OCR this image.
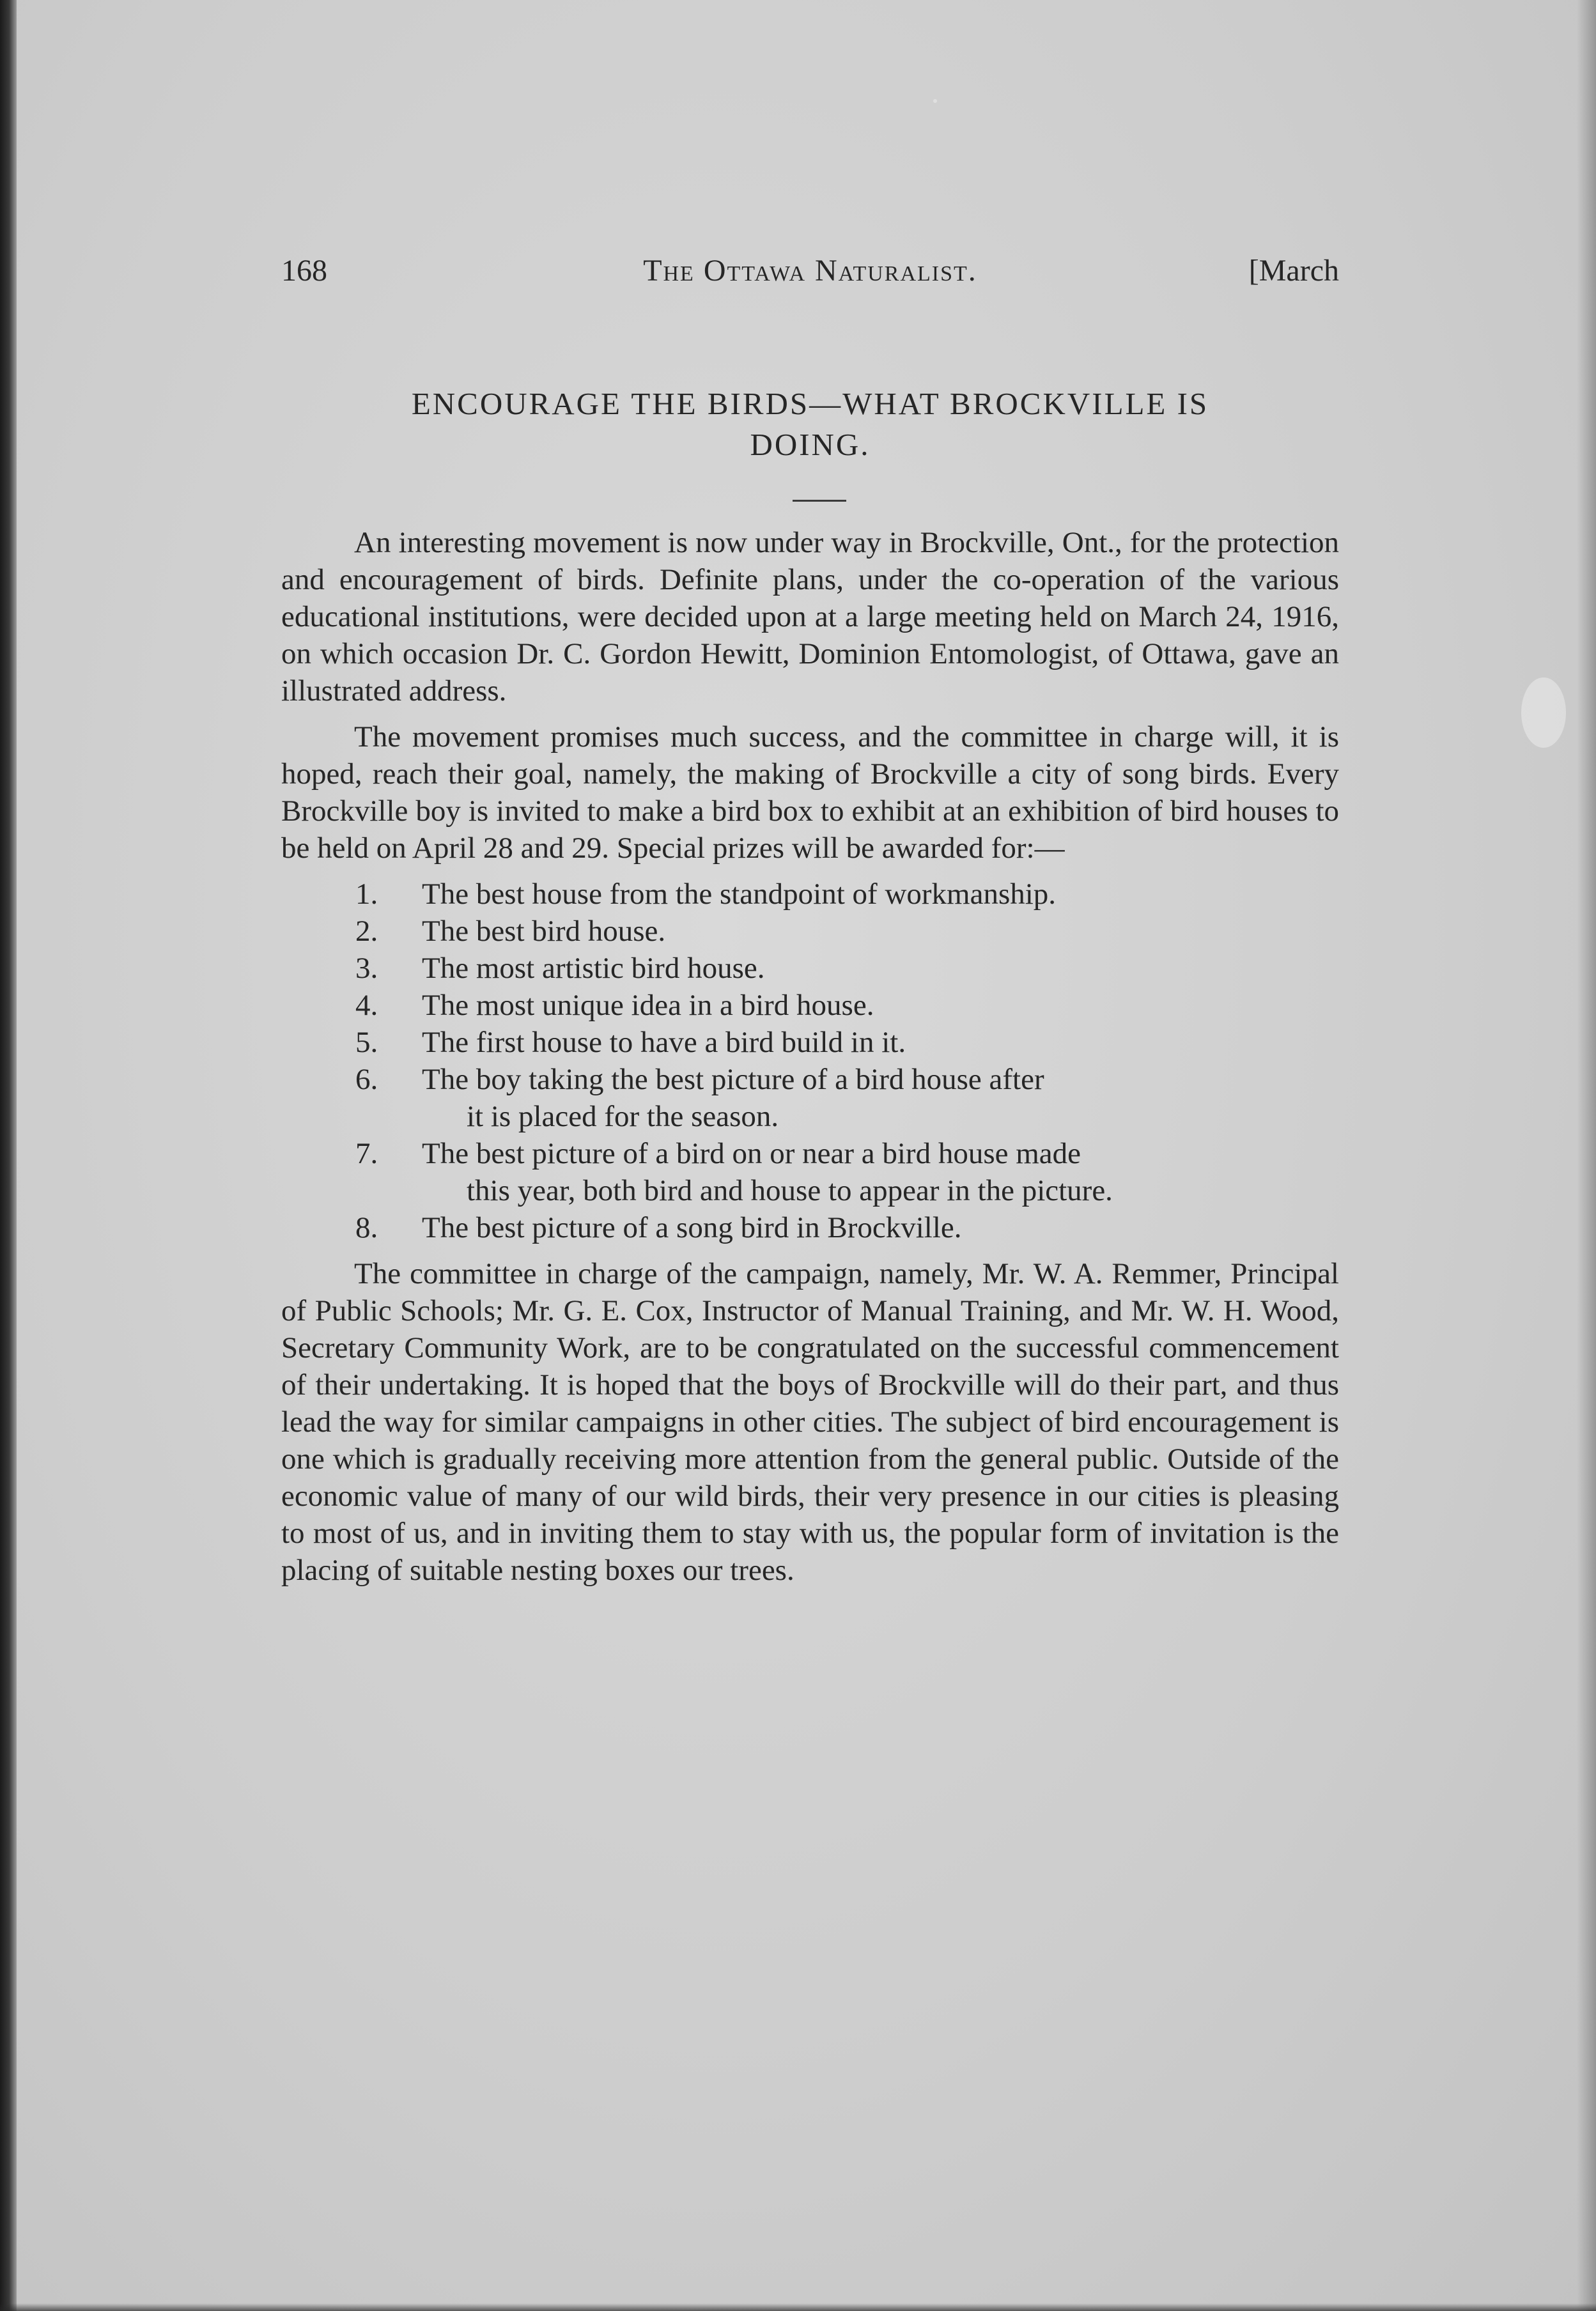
168	The Ottawa Naturalist.	[March
ENCOURAGE THE BIRDS—WHAT BROCKVILLE IS
DOING.

An interesting movement is now under way in Brockville, Ont., for the protection and encouragement of birds. Definite plans, under the co-operation of the various educational institutions, were decided upon at a large meeting held on March 24, 1916, on which occasion Dr. C. Gordon Hewitt, Dominion Entomologist, of Ottawa, gave an illustrated address.

The movement promises much success, and the committee in charge will, it is hoped, reach their goal, namely, the making of Brockville a city of song birds. Every Brockville boy is invited to make a bird box to exhibit at an exhibition of bird houses to be held on April 28 and 29. Special prizes will be awarded for:—

1. The best house from the standpoint of workmanship.
2. The best bird house.
3. The most artistic bird house.
4. The most unique idea in a bird house.
5. The first house to have a bird build in it.
6. The boy taking the best picture of a bird house after
it is placed for the season.
7. The best picture of a bird on or near a bird house made
this year, both bird and house to appear in the picture.
8. The best picture of a song bird in Brockville.

The committee in charge of the campaign, namely, Mr. W. A. Remmer, Principal of Public Schools; Mr. G. E. Cox, Instructor of Manual Training, and Mr. W. H. Wood, Secretary Community Work, are to be congratulated on the successful commencement of their undertaking. It is hoped that the boys of Brockville will do their part, and thus lead the way for similar campaigns in other cities. The subject of bird encouragement is one which is gradually receiving more attention from the general public. Outside of the economic value of many of our wild birds, their very presence in our cities is pleasing to most of us, and in inviting them to stay with us, the popular form of invitation is the placing of suitable nesting boxes our trees.
